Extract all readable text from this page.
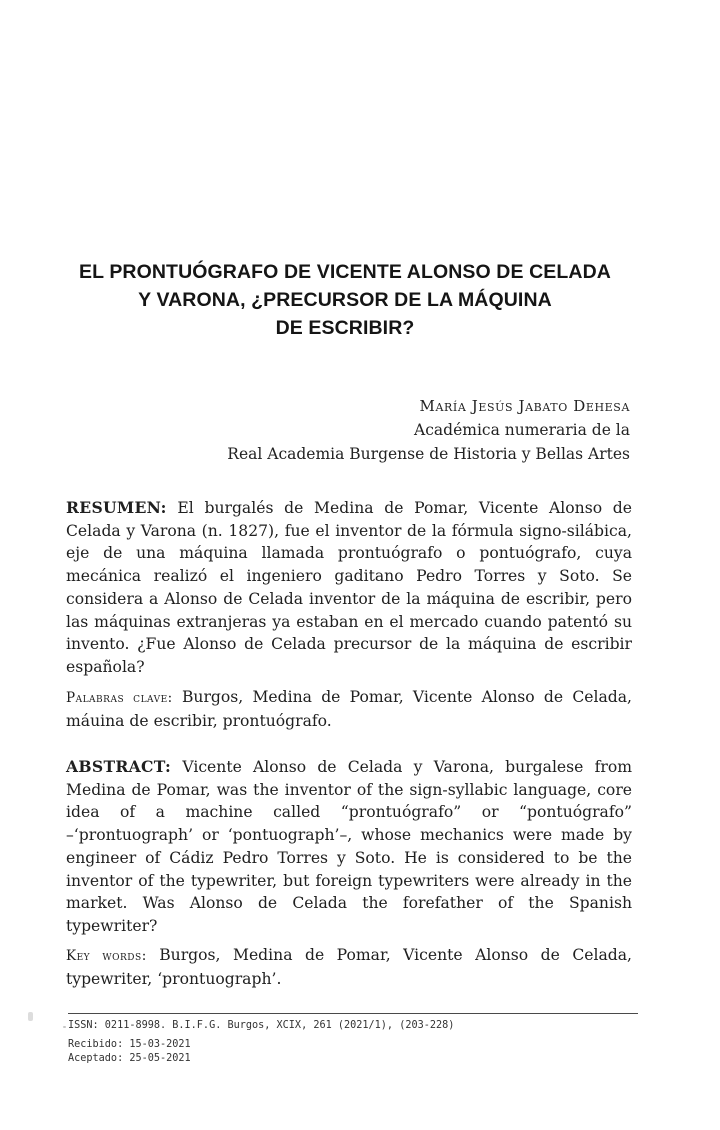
EL PRONTUÓGRAFO DE VICENTE ALONSO DE CELADA
Y VARONA, ¿PRECURSOR DE LA MÁQUINA
DE ESCRIBIR?
María Jesús Jabato Dehesa
Académica numeraria de la
Real Academia Burgense de Historia y Bellas Artes
RESUMEN: El burgalés de Medina de Pomar, Vicente Alonso de Celada y Varona (n. 1827), fue el inventor de la fórmula signo-silábica, eje de una máquina llamada prontuógrafo o pontuógrafo, cuya mecánica realizó el ingeniero gaditano Pedro Torres y Soto. Se considera a Alonso de Celada inventor de la máquina de escribir, pero las máquinas extranjeras ya estaban en el mercado cuando patentó su invento. ¿Fue Alonso de Celada precursor de la máquina de escribir española?
Palabras clave: Burgos, Medina de Pomar, Vicente Alonso de Celada, máuina de escribir, prontuógrafo.
ABSTRACT: Vicente Alonso de Celada y Varona, burgalese from Medina de Pomar, was the inventor of the sign-syllabic language, core idea of a machine called “prontuógrafo” or “pontuógrafo” –‘prontuograph’ or ‘pontuograph’–, whose mechanics were made by engineer of Cádiz Pedro Torres y Soto. He is considered to be the inventor of the typewriter, but foreign typewriters were already in the market. Was Alonso de Celada the forefather of the Spanish typewriter?
Key words: Burgos, Medina de Pomar, Vicente Alonso de Celada, typewriter, ‘prontuograph’.
ISSN: 0211-8998. B.I.F.G. Burgos, XCIX, 261 (2021/1), (203-228)
Recibido: 15-03-2021
Aceptado: 25-05-2021
